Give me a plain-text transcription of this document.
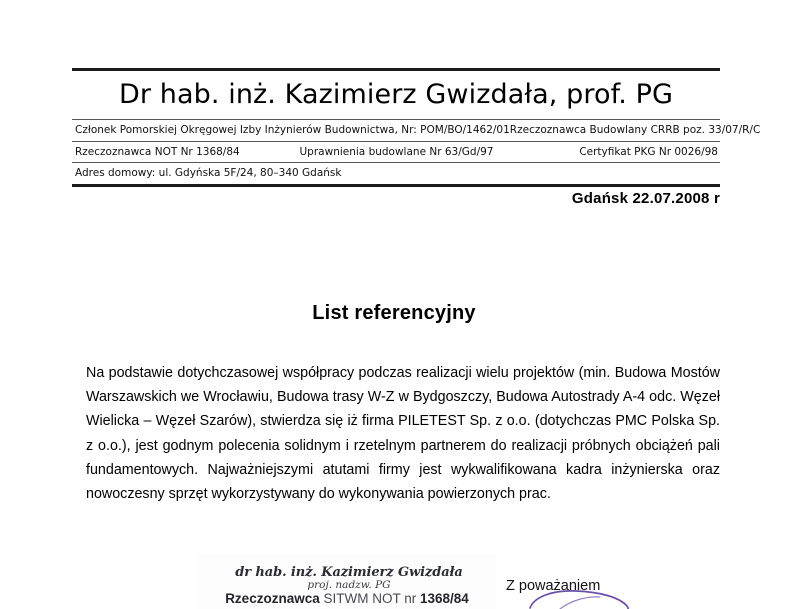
Dr hab. inż. Kazimierz Gwizdała, prof. PG
Członek Pomorskiej Okręgowej Izby Inżynierów Budownictwa, Nr: POM/BO/1462/01 Rzeczoznawca Budowlany CRRB poz. 33/07/R/C
Rzeczoznawca NOT Nr 1368/84	Uprawnienia budowlane Nr 63/Gd/97	Certyfikat PKG Nr 0026/98
Adres domowy: ul. Gdyńska 5F/24, 80–340 Gdańsk
Gdańsk 22.07.2008 r
List referencyjny

Na podstawie dotychczasowej współpracy podczas realizacji wielu projektów (min. Budowa Mostów Warszawskich we Wrocławiu, Budowa trasy W-Z w Bydgoszczy, Budowa Autostrady A-4 odc. Węzeł Wielicka – Węzeł Szarów), stwierdza się iż firma PILETEST Sp. z o.o. (dotychczas PMC Polska Sp. z o.o.), jest godnym polecenia solidnym i rzetelnym partnerem do realizacji próbnych obciążeń pali fundamentowych. Najważniejszymi atutami firmy jest wykwalifikowana kadra inżynierska oraz nowoczesny sprzęt wykorzystywany do wykonywania powierzonych prac.

dr hab. inż. Kazimierz Gwizdała
proj. nadzw. PG
Rzeczoznawca SITWM NOT nr 1368/84
Z poważaniem
